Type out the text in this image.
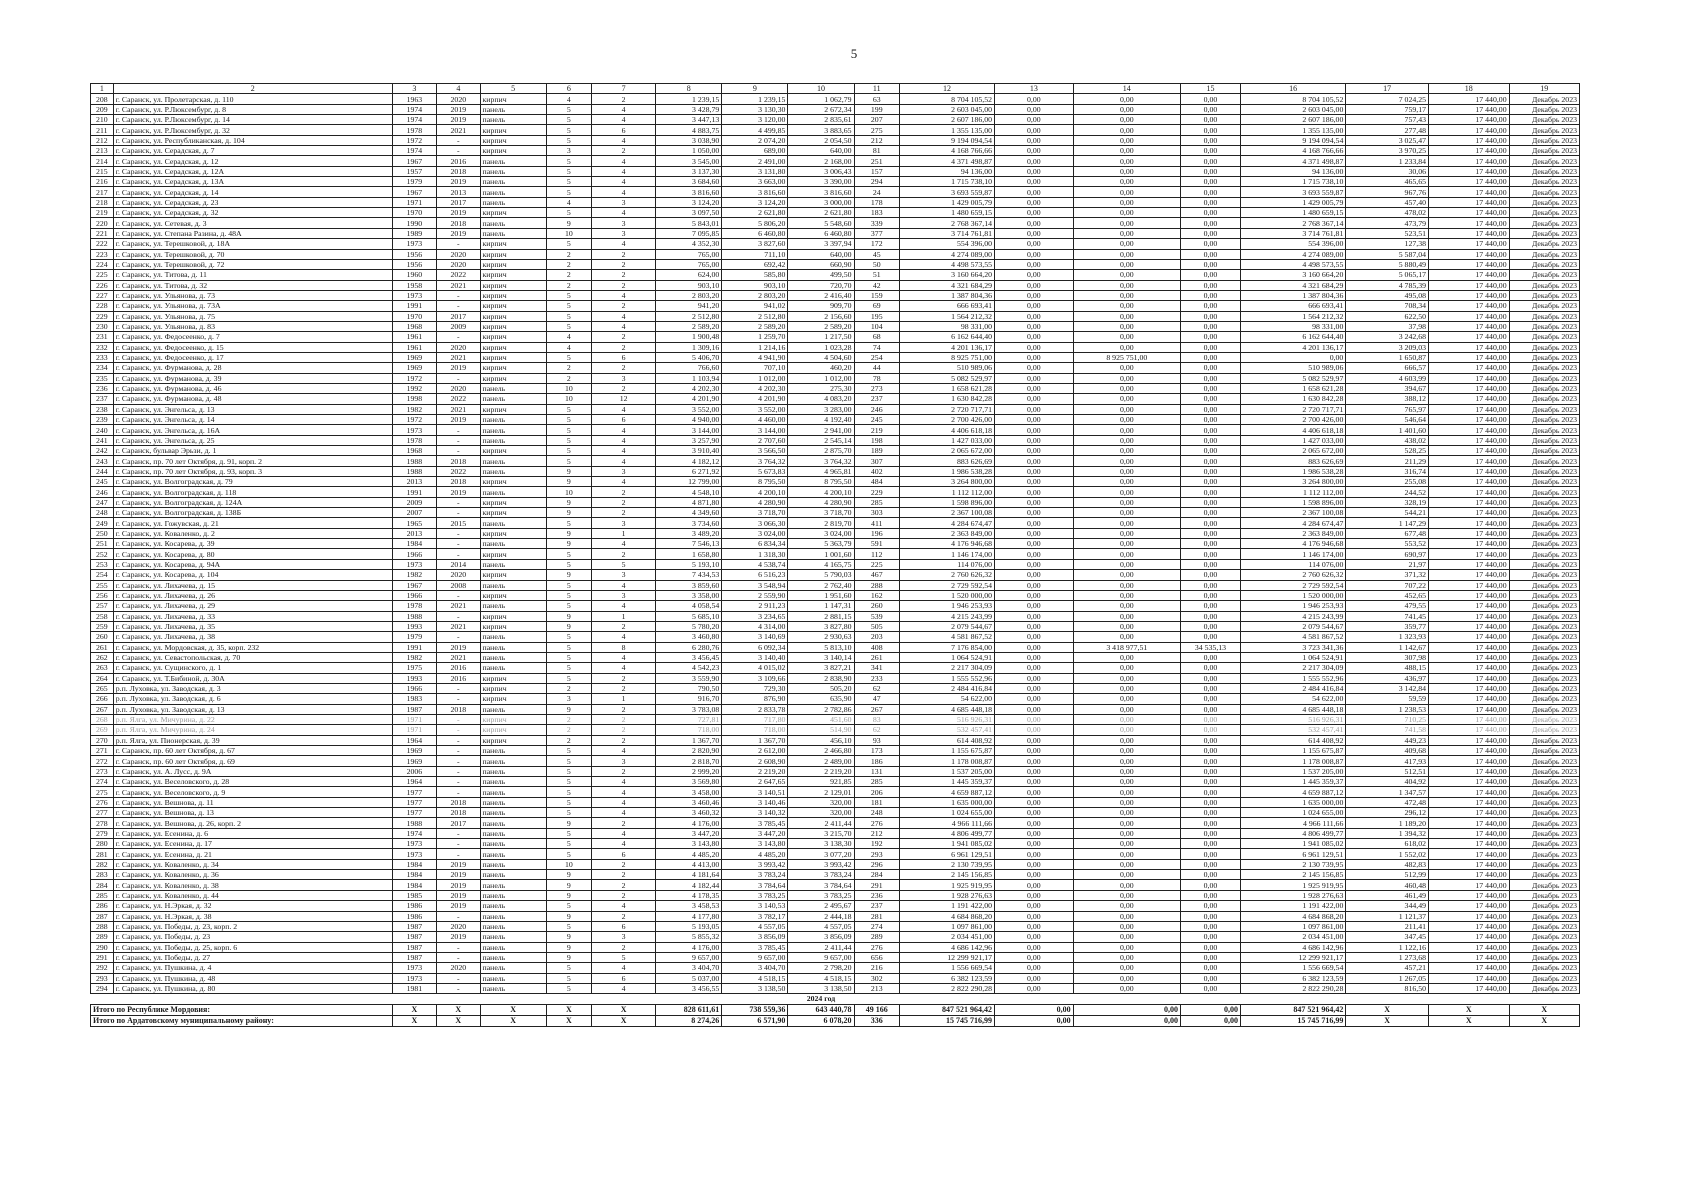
5
1	2	3	4	5	6	7	8	9	10	11	12	13	14	15	16	17	18	19
208	г. Саранск, ул. Пролетарская, д. 110	1963	2020	кирпич	4	2	1 239,15	1 239,15	1 062,79	63	8 704 105,52	0,00	0,00	0,00	8 704 105,52	7 024,25	17 440,00	Декабрь 2023
209	г. Саранск, ул. Р.Люксембург, д. 8	1974	2019	панель	5	4	3 428,79	3 130,30	2 672,34	199	2 603 045,00	0,00	0,00	0,00	2 603 045,00	759,17	17 440,00	Декабрь 2023
210	г. Саранск, ул. Р.Люксембург, д. 14	1974	2019	панель	5	4	3 447,13	3 120,00	2 835,61	207	2 607 186,00	0,00	0,00	0,00	2 607 186,00	757,43	17 440,00	Декабрь 2023
211	г. Саранск, ул. Р.Люксембург, д. 32	1978	2021	кирпич	5	6	4 883,75	4 499,85	3 883,65	275	1 355 135,00	0,00	0,00	0,00	1 355 135,00	277,48	17 440,00	Декабрь 2023
212	г. Саранск, ул. Республиканская, д. 104	1972	-	кирпич	5	4	3 038,90	2 074,20	2 054,50	212	9 194 094,54	0,00	0,00	0,00	9 194 094,54	3 025,47	17 440,00	Декабрь 2023
213	г. Саранск, ул. Серадская, д. 7	1974	-	кирпич	3	2	1 050,00	689,00	640,00	81	4 168 766,66	0,00	0,00	0,00	4 168 766,66	3 970,25	17 440,00	Декабрь 2023
214	г. Саранск, ул. Серадская, д. 12	1967	2016	панель	5	4	3 545,00	2 491,00	2 168,00	251	4 371 498,87	0,00	0,00	0,00	4 371 498,87	1 233,84	17 440,00	Декабрь 2023
215	г. Саранск, ул. Серадская, д. 12А	1957	2018	панель	5	4	3 137,30	3 131,80	3 006,43	157	94 136,00	0,00	0,00	0,00	94 136,00	30,06	17 440,00	Декабрь 2023
216	г. Саранск, ул. Серадская, д. 13А	1979	2019	панель	5	4	3 684,60	3 663,00	3 390,00	294	1 715 738,10	0,00	0,00	0,00	1 715 738,10	465,65	17 440,00	Декабрь 2023
217	г. Саранск, ул. Серадская, д. 14	1967	2013	панель	5	4	3 816,60	3 816,60	3 816,60	24	3 693 559,87	0,00	0,00	0,00	3 693 559,87	967,76	17 440,00	Декабрь 2023
218	г. Саранск, ул. Серадская, д. 23	1971	2017	панель	4	3	3 124,20	3 124,20	3 000,00	178	1 429 005,79	0,00	0,00	0,00	1 429 005,79	457,40	17 440,00	Декабрь 2023
219	г. Саранск, ул. Серадская, д. 32	1970	2019	кирпич	5	4	3 097,50	2 621,80	2 621,80	183	1 480 659,15	0,00	0,00	0,00	1 480 659,15	478,02	17 440,00	Декабрь 2023
220	г. Саранск, ул. Сетевая, д. 3	1990	2018	панель	9	3	5 843,01	5 806,20	5 548,60	339	2 768 367,14	0,00	0,00	0,00	2 768 367,14	473,79	17 440,00	Декабрь 2023
221	г. Саранск, ул. Степана Разина, д. 48А	1989	2019	панель	10	3	7 095,85	6 460,80	6 460,80	377	3 714 761,81	0,00	0,00	0,00	3 714 761,81	523,51	17 440,00	Декабрь 2023
222	г. Саранск, ул. Терешковой, д. 18А	1973	-	кирпич	5	4	4 352,30	3 827,60	3 397,94	172	554 396,00	0,00	0,00	0,00	554 396,00	127,38	17 440,00	Декабрь 2023
223	г. Саранск, ул. Терешковой, д. 70	1956	2020	кирпич	2	2	765,00	711,10	640,00	45	4 274 089,00	0,00	0,00	0,00	4 274 089,00	5 587,04	17 440,00	Декабрь 2023
224	г. Саранск, ул. Терешковой, д. 72	1956	2020	кирпич	2	2	765,00	692,42	660,90	50	4 498 573,55	0,00	0,00	0,00	4 498 573,55	5 880,49	17 440,00	Декабрь 2023
225	г. Саранск, ул. Титова, д. 11	1960	2022	кирпич	2	2	624,00	585,80	499,50	51	3 160 664,20	0,00	0,00	0,00	3 160 664,20	5 065,17	17 440,00	Декабрь 2023
226	г. Саранск, ул. Титова, д. 32	1958	2021	кирпич	2	2	903,10	903,10	720,70	42	4 321 684,29	0,00	0,00	0,00	4 321 684,29	4 785,39	17 440,00	Декабрь 2023
227	г. Саранск, ул. Ульянова, д. 73	1973	-	кирпич	5	4	2 803,20	2 803,20	2 416,40	159	1 387 804,36	0,00	0,00	0,00	1 387 804,36	495,08	17 440,00	Декабрь 2023
228	г. Саранск, ул. Ульянова, д. 73А	1991	-	кирпич	5	2	941,20	941,02	909,70	69	666 693,41	0,00	0,00	0,00	666 693,41	708,34	17 440,00	Декабрь 2023
229	г. Саранск, ул. Ульянова, д. 75	1970	2017	кирпич	5	4	2 512,80	2 512,80	2 156,60	195	1 564 212,32	0,00	0,00	0,00	1 564 212,32	622,50	17 440,00	Декабрь 2023
230	г. Саранск, ул. Ульянова, д. 83	1968	2009	кирпич	5	4	2 589,20	2 589,20	2 589,20	104	98 331,00	0,00	0,00	0,00	98 331,00	37,98	17 440,00	Декабрь 2023
231	г. Саранск, ул. Федосеенко, д. 7	1961	-	кирпич	4	2	1 900,48	1 259,70	1 217,50	68	6 162 644,40	0,00	0,00	0,00	6 162 644,40	3 242,68	17 440,00	Декабрь 2023
232	г. Саранск, ул. Федосеенко, д. 15	1961	2020	кирпич	4	2	1 309,16	1 214,16	1 023,28	74	4 201 136,17	0,00	0,00	0,00	4 201 136,17	3 209,03	17 440,00	Декабрь 2023
233	г. Саранск, ул. Федосеенко, д. 17	1969	2021	кирпич	5	6	5 406,70	4 941,90	4 504,60	254	8 925 751,00	0,00	8 925 751,00	0,00	0,00	1 650,87	17 440,00	Декабрь 2023
234	г. Саранск, ул. Фурманова, д. 28	1969	2019	кирпич	2	2	766,60	707,10	460,20	44	510 989,06	0,00	0,00	0,00	510 989,06	666,57	17 440,00	Декабрь 2023
235	г. Саранск, ул. Фурманова, д. 39	1972	-	кирпич	2	3	1 103,94	1 012,00	1 012,00	78	5 082 529,97	0,00	0,00	0,00	5 082 529,97	4 603,99	17 440,00	Декабрь 2023
236	г. Саранск, ул. Фурманова, д. 46	1992	2020	панель	10	2	4 202,30	4 202,30	275,30	273	1 658 621,28	0,00	0,00	0,00	1 658 621,28	394,67	17 440,00	Декабрь 2023
237	г. Саранск, ул. Фурманова, д. 48	1998	2022	панель	10	12	4 201,90	4 201,90	4 083,20	237	1 630 842,28	0,00	0,00	0,00	1 630 842,28	388,12	17 440,00	Декабрь 2023
238	г. Саранск, ул. Энгельса, д. 13	1982	2021	кирпич	5	4	3 552,00	3 552,00	3 283,00	246	2 720 717,71	0,00	0,00	0,00	2 720 717,71	765,97	17 440,00	Декабрь 2023
239	г. Саранск, ул. Энгельса, д. 14	1972	2019	панель	5	6	4 940,00	4 460,00	4 192,40	245	2 700 426,00	0,00	0,00	0,00	2 700 426,00	546,64	17 440,00	Декабрь 2023
240	г. Саранск, ул. Энгельса, д. 16А	1973	-	панель	5	4	3 144,00	3 144,00	2 941,00	219	4 406 618,18	0,00	0,00	0,00	4 406 618,18	1 401,60	17 440,00	Декабрь 2023
241	г. Саранск, ул. Энгельса, д. 25	1978	-	панель	5	4	3 257,90	2 707,60	2 545,14	198	1 427 033,00	0,00	0,00	0,00	1 427 033,00	438,02	17 440,00	Декабрь 2023
242	г. Саранск, бульвар Эрьзи, д. 1	1968	-	кирпич	5	4	3 910,40	3 566,50	2 875,70	189	2 065 672,00	0,00	0,00	0,00	2 065 672,00	528,25	17 440,00	Декабрь 2023
243	г. Саранск, пр. 70 лет Октября, д. 91, корп. 2	1988	2018	панель	5	4	4 182,12	3 764,32	3 764,32	307	883 626,69	0,00	0,00	0,00	883 626,69	211,29	17 440,00	Декабрь 2023
244	г. Саранск, пр. 70 лет Октября, д. 93, корп. 3	1988	2022	панель	9	3	6 271,92	5 673,83	4 965,81	402	1 986 538,28	0,00	0,00	0,00	1 986 538,28	316,74	17 440,00	Декабрь 2023
245	г. Саранск, ул. Волгоградская, д. 79	2013	2018	кирпич	9	4	12 799,00	8 795,50	8 795,50	484	3 264 800,00	0,00	0,00	0,00	3 264 800,00	255,08	17 440,00	Декабрь 2023
246	г. Саранск, ул. Волгоградская, д. 118	1991	2019	панель	10	2	4 548,10	4 200,10	4 200,10	229	1 112 112,00	0,00	0,00	0,00	1 112 112,00	244,52	17 440,00	Декабрь 2023
247	г. Саранск, ул. Волгоградская, д. 124А	2009	-	кирпич	9	2	4 871,80	4 280,90	4 280,90	285	1 598 896,00	0,00	0,00	0,00	1 598 896,00	328,19	17 440,00	Декабрь 2023
248	г. Саранск, ул. Волгоградская, д. 138Б	2007	-	кирпич	9	2	4 349,60	3 718,70	3 718,70	303	2 367 100,08	0,00	0,00	0,00	2 367 100,08	544,21	17 440,00	Декабрь 2023
249	г. Саранск, ул. Гожувская, д. 21	1965	2015	панель	5	3	3 734,60	3 066,30	2 819,70	411	4 284 674,47	0,00	0,00	0,00	4 284 674,47	1 147,29	17 440,00	Декабрь 2023
250	г. Саранск, ул. Коваленко, д. 2	2013	-	кирпич	9	1	3 489,20	3 024,00	3 024,00	196	2 363 849,00	0,00	0,00	0,00	2 363 849,00	677,48	17 440,00	Декабрь 2023
251	г. Саранск, ул. Косарева, д. 39	1984	-	панель	9	4	7 546,13	6 834,34	5 363,79	591	4 176 946,68	0,00	0,00	0,00	4 176 946,68	553,52	17 440,00	Декабрь 2023
252	г. Саранск, ул. Косарева, д. 80	1966	-	кирпич	5	2	1 658,80	1 318,30	1 001,60	112	1 146 174,00	0,00	0,00	0,00	1 146 174,00	690,97	17 440,00	Декабрь 2023
253	г. Саранск, ул. Косарева, д. 94А	1973	2014	панель	5	5	5 193,10	4 538,74	4 165,75	225	114 076,00	0,00	0,00	0,00	114 076,00	21,97	17 440,00	Декабрь 2023
254	г. Саранск, ул. Косарева, д. 104	1982	2020	кирпич	9	3	7 434,53	6 516,23	5 790,03	467	2 760 626,32	0,00	0,00	0,00	2 760 626,32	371,32	17 440,00	Декабрь 2023
255	г. Саранск, ул. Лихачева, д. 15	1967	2008	панель	5	4	3 859,60	3 548,94	2 762,40	288	2 729 592,54	0,00	0,00	0,00	2 729 592,54	707,22	17 440,00	Декабрь 2023
256	г. Саранск, ул. Лихачева, д. 26	1966	-	кирпич	5	3	3 358,00	2 559,90	1 951,60	162	1 520 000,00	0,00	0,00	0,00	1 520 000,00	452,65	17 440,00	Декабрь 2023
257	г. Саранск, ул. Лихачева, д. 29	1978	2021	панель	5	4	4 058,54	2 911,23	1 147,31	260	1 946 253,93	0,00	0,00	0,00	1 946 253,93	479,55	17 440,00	Декабрь 2023
258	г. Саранск, ул. Лихачева, д. 33	1988	-	кирпич	9	1	5 685,10	3 234,65	2 881,15	539	4 215 243,99	0,00	0,00	0,00	4 215 243,99	741,45	17 440,00	Декабрь 2023
259	г. Саранск, ул. Лихачева, д. 35	1993	2021	кирпич	9	2	5 780,20	4 314,00	3 827,80	505	2 079 544,67	0,00	0,00	0,00	2 079 544,67	359,77	17 440,00	Декабрь 2023
260	г. Саранск, ул. Лихачева, д. 38	1979	-	панель	5	4	3 460,80	3 140,69	2 930,63	203	4 581 867,52	0,00	0,00	0,00	4 581 867,52	1 323,93	17 440,00	Декабрь 2023
261	г. Саранск, ул. Мордовская, д. 35, корп. 232	1991	2019	панель	5	8	6 280,76	6 092,34	5 813,10	408	7 176 854,00	0,00	3 418 977,51	34 535,13	3 723 341,36	1 142,67	17 440,00	Декабрь 2023
262	г. Саранск, ул. Севастопольская, д. 70	1982	2021	панель	5	4	3 456,45	3 140,40	3 140,14	261	1 064 524,91	0,00	0,00	0,00	1 064 524,91	307,98	17 440,00	Декабрь 2023
263	г. Саранск, ул. Сущинского, д. 1	1975	2016	панель	5	4	4 542,23	4 015,02	3 827,21	341	2 217 304,09	0,00	0,00	0,00	2 217 304,09	488,15	17 440,00	Декабрь 2023
264	г. Саранск, ул. Т.Бибиной, д. 30А	1993	2016	кирпич	5	2	3 559,90	3 109,66	2 838,90	233	1 555 552,96	0,00	0,00	0,00	1 555 552,96	436,97	17 440,00	Декабрь 2023
265	р.п. Луховка, ул. Заводская, д. 3	1966	-	кирпич	2	2	790,50	729,30	505,20	62	2 484 416,84	0,00	0,00	0,00	2 484 416,84	3 142,84	17 440,00	Декабрь 2023
266	р.п. Луховка, ул. Заводская, д. 6	1983	-	кирпич	3	1	916,70	876,90	635,90	47	54 622,00	0,00	0,00	0,00	54 622,00	59,59	17 440,00	Декабрь 2023
267	р.п. Луховка, ул. Заводская, д. 13	1987	2018	панель	9	2	3 783,08	2 833,78	2 782,86	267	4 685 448,18	0,00	0,00	0,00	4 685 448,18	1 238,53	17 440,00	Декабрь 2023
268	р.п. Ялга, ул. Мичурина, д. 22	1971	-	кирпич	2	2	727,81	717,80	451,60	83	516 926,31	0,00	0,00	0,00	516 926,31	710,25	17 440,00	Декабрь 2023
269	р.п. Ялга, ул. Мичурина, д. 24	1971	-	кирпич	2	2	718,00	718,00	514,90	62	532 457,41	0,00	0,00	0,00	532 457,41	741,58	17 440,00	Декабрь 2023
270	р.п. Ялга, ул. Пионерская, д. 39	1964	-	кирпич	2	2	1 367,70	1 367,70	456,10	93	614 408,92	0,00	0,00	0,00	614 408,92	449,23	17 440,00	Декабрь 2023
271	г. Саранск, пр. 60 лет Октября, д. 67	1969	-	панель	5	4	2 820,90	2 612,00	2 466,80	173	1 155 675,87	0,00	0,00	0,00	1 155 675,87	409,68	17 440,00	Декабрь 2023
272	г. Саранск, пр. 60 лет Октября, д. 69	1969	-	панель	5	3	2 818,70	2 608,90	2 489,00	186	1 178 008,87	0,00	0,00	0,00	1 178 008,87	417,93	17 440,00	Декабрь 2023
273	г. Саранск, ул. А. Лусс, д. 9А	2006	-	панель	5	2	2 999,20	2 219,20	2 219,20	131	1 537 205,00	0,00	0,00	0,00	1 537 205,00	512,51	17 440,00	Декабрь 2023
274	г. Саранск, ул. Веселовского, д. 28	1964	-	панель	5	4	3 569,80	2 647,65	921,85	285	1 445 359,37	0,00	0,00	0,00	1 445 359,37	404,92	17 440,00	Декабрь 2023
275	г. Саранск, ул. Веселовского, д. 9	1977	-	панель	5	4	3 458,00	3 140,51	2 129,01	206	4 659 887,12	0,00	0,00	0,00	4 659 887,12	1 347,57	17 440,00	Декабрь 2023
276	г. Саранск, ул. Вешнова, д. 11	1977	2018	панель	5	4	3 460,46	3 140,46	320,00	181	1 635 000,00	0,00	0,00	0,00	1 635 000,00	472,48	17 440,00	Декабрь 2023
277	г. Саранск, ул. Вешнова, д. 13	1977	2018	панель	5	4	3 460,32	3 140,32	320,00	248	1 024 655,00	0,00	0,00	0,00	1 024 655,00	296,12	17 440,00	Декабрь 2023
278	г. Саранск, ул. Вешнова, д. 26, корп. 2	1988	2017	панель	9	2	4 176,00	3 785,45	2 411,44	276	4 966 111,66	0,00	0,00	0,00	4 966 111,66	1 189,20	17 440,00	Декабрь 2023
279	г. Саранск, ул. Есенина, д. 6	1974	-	панель	5	4	3 447,20	3 447,20	3 215,70	212	4 806 499,77	0,00	0,00	0,00	4 806 499,77	1 394,32	17 440,00	Декабрь 2023
280	г. Саранск, ул. Есенина, д. 17	1973	-	панель	5	4	3 143,80	3 143,80	3 138,30	192	1 941 085,02	0,00	0,00	0,00	1 941 085,02	618,02	17 440,00	Декабрь 2023
281	г. Саранск, ул. Есенина, д. 21	1973	-	панель	5	6	4 485,20	4 485,20	3 077,20	293	6 961 129,51	0,00	0,00	0,00	6 961 129,51	1 552,02	17 440,00	Декабрь 2023
282	г. Саранск, ул. Коваленко, д. 34	1984	2019	панель	10	2	4 413,00	3 993,42	3 993,42	296	2 130 739,95	0,00	0,00	0,00	2 130 739,95	482,83	17 440,00	Декабрь 2023
283	г. Саранск, ул. Коваленко, д. 36	1984	2019	панель	9	2	4 181,64	3 783,24	3 783,24	284	2 145 156,85	0,00	0,00	0,00	2 145 156,85	512,99	17 440,00	Декабрь 2023
284	г. Саранск, ул. Коваленко, д. 38	1984	2019	панель	9	2	4 182,44	3 784,64	3 784,64	291	1 925 919,95	0,00	0,00	0,00	1 925 919,95	460,48	17 440,00	Декабрь 2023
285	г. Саранск, ул. Коваленко, д. 44	1985	2019	панель	9	2	4 178,35	3 783,25	3 783,25	236	1 928 276,63	0,00	0,00	0,00	1 928 276,63	461,49	17 440,00	Декабрь 2023
286	г. Саранск, ул. Н.Эркая, д. 32	1986	2019	панель	5	4	3 458,53	3 140,53	2 495,67	237	1 191 422,00	0,00	0,00	0,00	1 191 422,00	344,49	17 440,00	Декабрь 2023
287	г. Саранск, ул. Н.Эркая, д. 38	1986	-	панель	9	2	4 177,80	3 782,17	2 444,18	281	4 684 868,20	0,00	0,00	0,00	4 684 868,20	1 121,37	17 440,00	Декабрь 2023
288	г. Саранск, ул. Победы, д. 23, корп. 2	1987	2020	панель	5	6	5 193,05	4 557,05	4 557,05	274	1 097 861,00	0,00	0,00	0,00	1 097 861,00	211,41	17 440,00	Декабрь 2023
289	г. Саранск, ул. Победы, д. 23	1987	2019	панель	9	3	5 855,32	3 856,09	3 856,09	289	2 034 451,00	0,00	0,00	0,00	2 034 451,00	347,45	17 440,00	Декабрь 2023
290	г. Саранск, ул. Победы, д. 25, корп. 6	1987	-	панель	9	2	4 176,00	3 785,45	2 411,44	276	4 686 142,96	0,00	0,00	0,00	4 686 142,96	1 122,16	17 440,00	Декабрь 2023
291	г. Саранск, ул. Победы, д. 27	1987	-	панель	9	5	9 657,00	9 657,00	9 657,00	656	12 299 921,17	0,00	0,00	0,00	12 299 921,17	1 273,68	17 440,00	Декабрь 2023
292	г. Саранск, ул. Пушкина, д. 4	1973	2020	панель	5	4	3 404,70	3 404,70	2 798,20	216	1 556 669,54	0,00	0,00	0,00	1 556 669,54	457,21	17 440,00	Декабрь 2023
293	г. Саранск, ул. Пушкина, д. 48	1973	-	панель	5	6	5 037,00	4 518,15	4 518,15	302	6 382 123,59	0,00	0,00	0,00	6 382 123,59	1 267,05	17 440,00	Декабрь 2023
294	г. Саранск, ул. Пушкина, д. 80	1981	-	панель	5	4	3 456,55	3 138,50	3 138,50	213	2 822 290,28	0,00	0,00	0,00	2 822 290,28	816,50	17 440,00	Декабрь 2023
									2024 год									
Итого по Республике Мордовия:		X	X	X	X	X	828 611,61	738 559,36	643 440,78	49 166	847 521 964,42	0,00	0,00	0,00	847 521 964,42	X	X	X
Итого по Ардатовскому муниципальному району:		X	X	X	X	X	8 274,26	6 571,90	6 078,20	336	15 745 716,99	0,00	0,00	0,00	15 745 716,99	X	X	X
